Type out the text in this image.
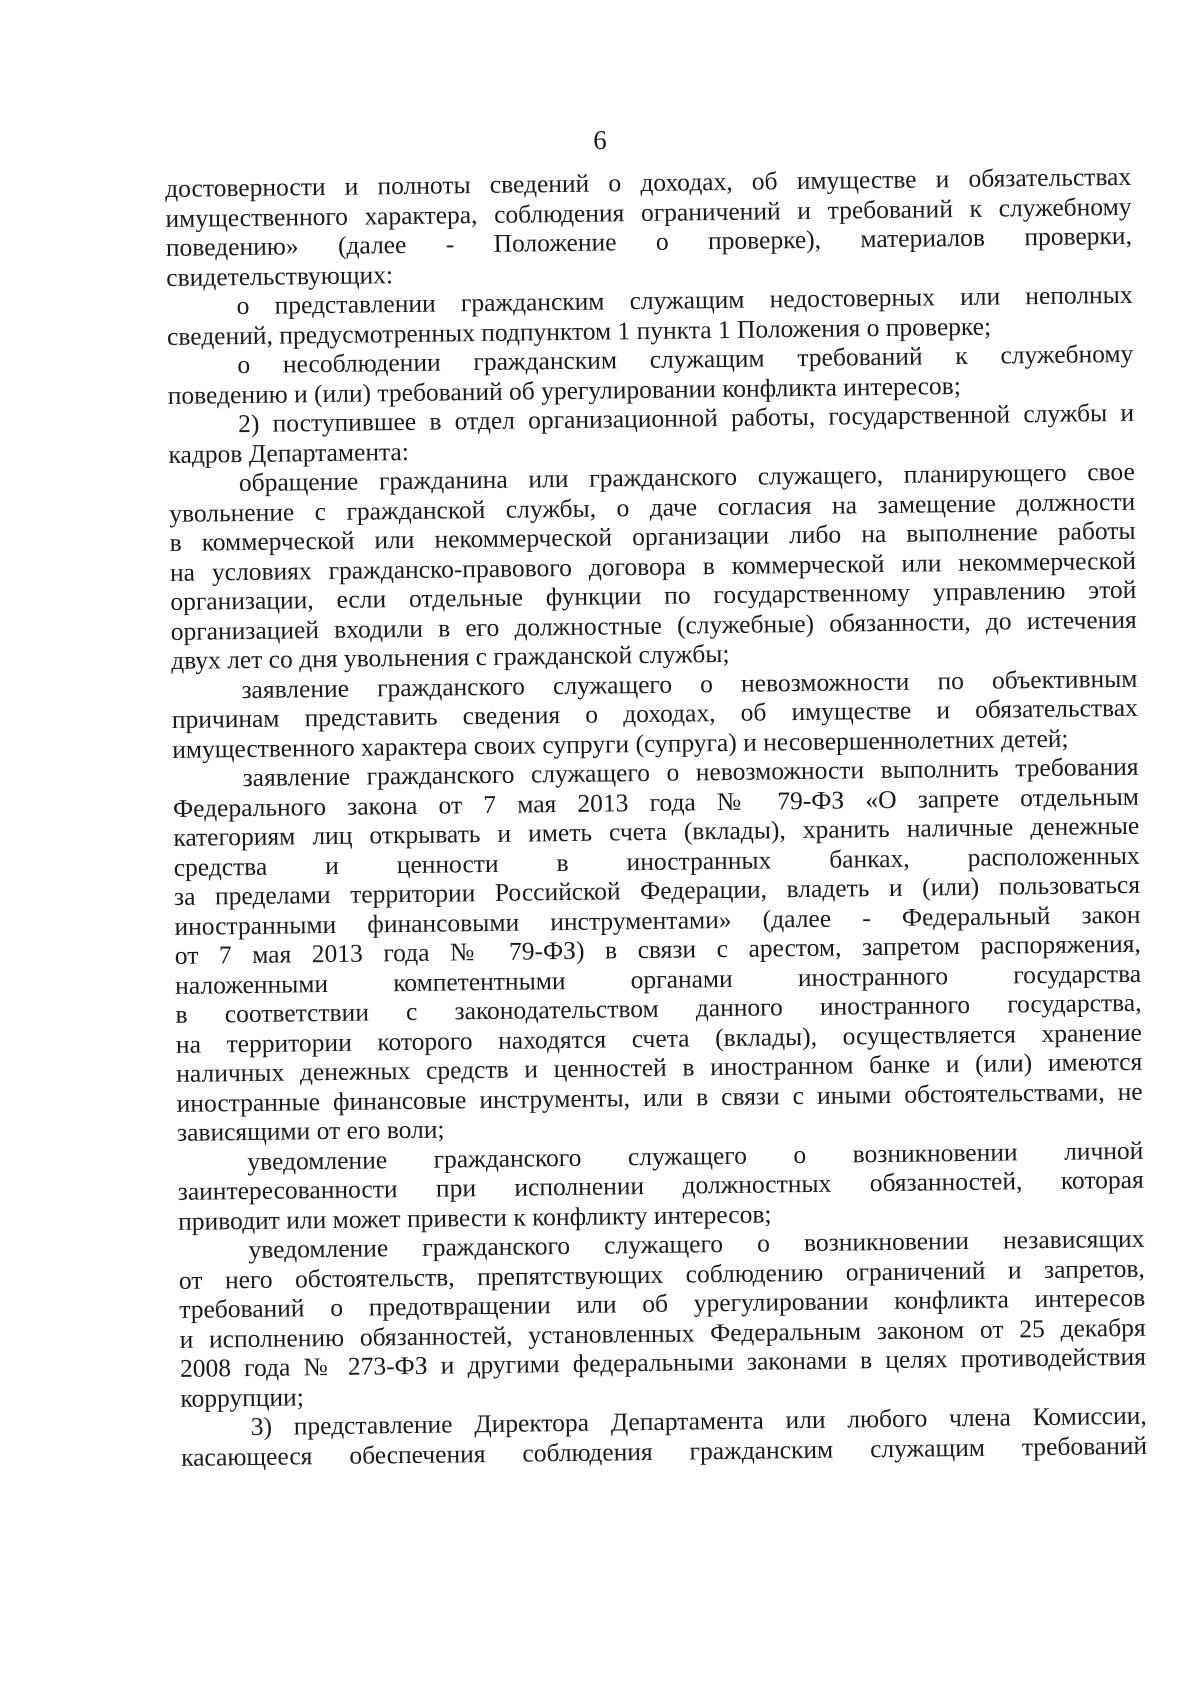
6
достоверности и полноты сведений о доходах, об имуществе и обязательствах
имущественного характера, соблюдения ограничений и требований к служебному
поведению» (далее - Положение о проверке), материалов проверки,
свидетельствующих:
о представлении гражданским служащим недостоверных или неполных
сведений, предусмотренных подпунктом 1 пункта 1 Положения о проверке;
о несоблюдении гражданским служащим требований к служебному
поведению и (или) требований об урегулировании конфликта интересов;
2) поступившее в отдел организационной работы, государственной службы и
кадров Департамента:
обращение гражданина или гражданского служащего, планирующего свое
увольнение с гражданской службы, о даче согласия на замещение должности
в коммерческой или некоммерческой организации либо на выполнение работы
на условиях гражданско-правового договора в коммерческой или некоммерческой
организации, если отдельные функции по государственному управлению этой
организацией входили в его должностные (служебные) обязанности, до истечения
двух лет со дня увольнения с гражданской службы;
заявление гражданского служащего о невозможности по объективным
причинам представить сведения о доходах, об имуществе и обязательствах
имущественного характера своих супруги (супруга) и несовершеннолетних детей;
заявление гражданского служащего о невозможности выполнить требования
Федерального закона от 7 мая 2013 года № 79-ФЗ «О запрете отдельным
категориям лиц открывать и иметь счета (вклады), хранить наличные денежные
средства и ценности в иностранных банках, расположенных
за пределами территории Российской Федерации, владеть и (или) пользоваться
иностранными финансовыми инструментами» (далее - Федеральный закон
от 7 мая 2013 года № 79-ФЗ) в связи с арестом, запретом распоряжения,
наложенными компетентными органами иностранного государства
в соответствии с законодательством данного иностранного государства,
на территории которого находятся счета (вклады), осуществляется хранение
наличных денежных средств и ценностей в иностранном банке и (или) имеются
иностранные финансовые инструменты, или в связи с иными обстоятельствами, не
зависящими от его воли;
уведомление гражданского служащего о возникновении личной
заинтересованности при исполнении должностных обязанностей, которая
приводит или может привести к конфликту интересов;
уведомление гражданского служащего о возникновении независящих
от него обстоятельств, препятствующих соблюдению ограничений и запретов,
требований о предотвращении или об урегулировании конфликта интересов
и исполнению обязанностей, установленных Федеральным законом от 25 декабря
2008 года № 273-ФЗ и другими федеральными законами в целях противодействия
коррупции;
3) представление Директора Департамента или любого члена Комиссии,
касающееся обеспечения соблюдения гражданским служащим требований
